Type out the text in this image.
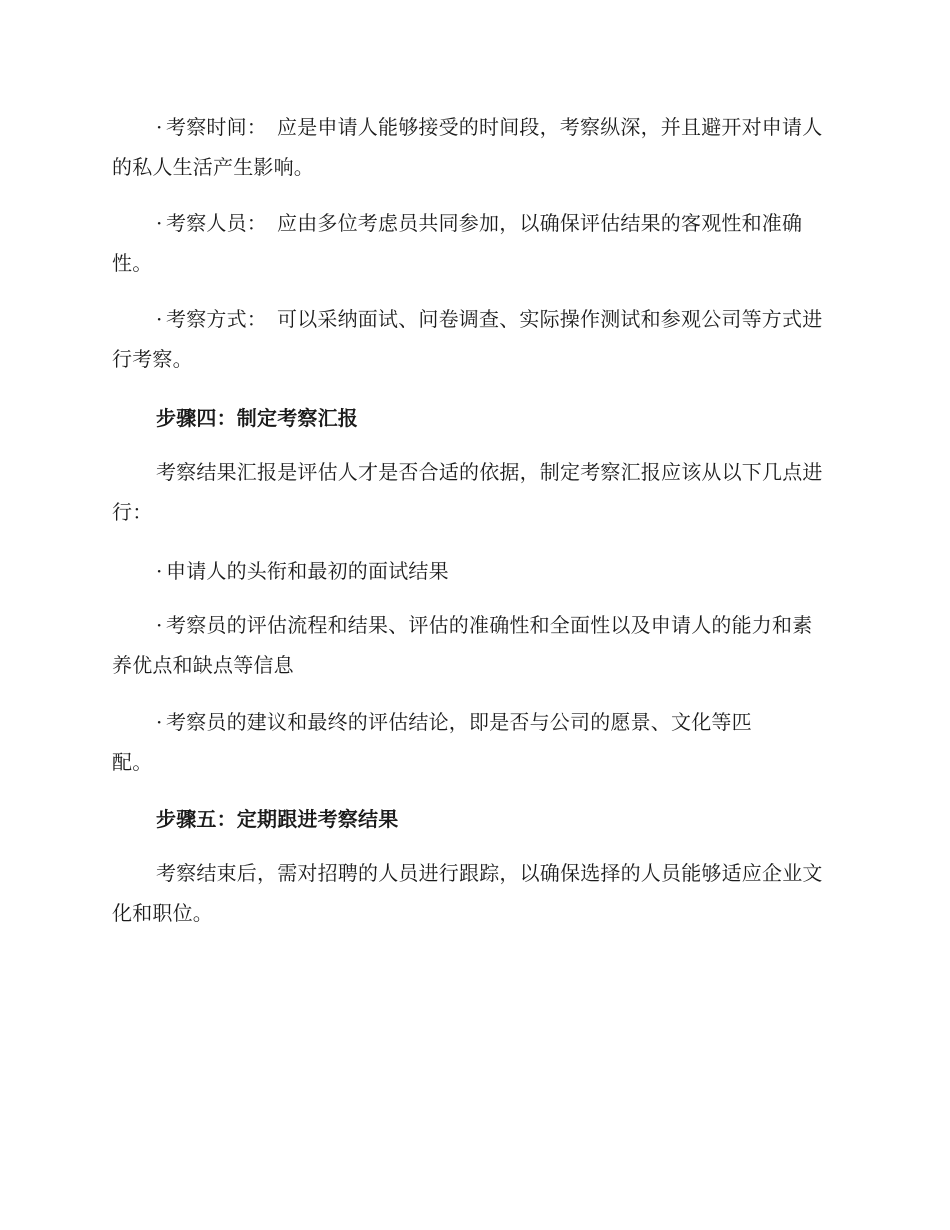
· 考察时间： 应是申请人能够接受的时间段，考察纵深，并且避开对申请人的私人生活产生影响。

· 考察人员： 应由多位考虑员共同参加，以确保评估结果的客观性和准确性。

· 考察方式： 可以采纳面试、问卷调查、实际操作测试和参观公司等方式进行考察。

步骤四：制定考察汇报

考察结果汇报是评估人才是否合适的依据，制定考察汇报应该从以下几点进行：

· 申请人的头衔和最初的面试结果

· 考察员的评估流程和结果、评估的准确性和全面性以及申请人的能力和素养优点和缺点等信息

· 考察员的建议和最终的评估结论，即是否与公司的愿景、文化等匹配。

步骤五：定期跟进考察结果

考察结束后，需对招聘的人员进行跟踪，以确保选择的人员能够适应企业文化和职位。
